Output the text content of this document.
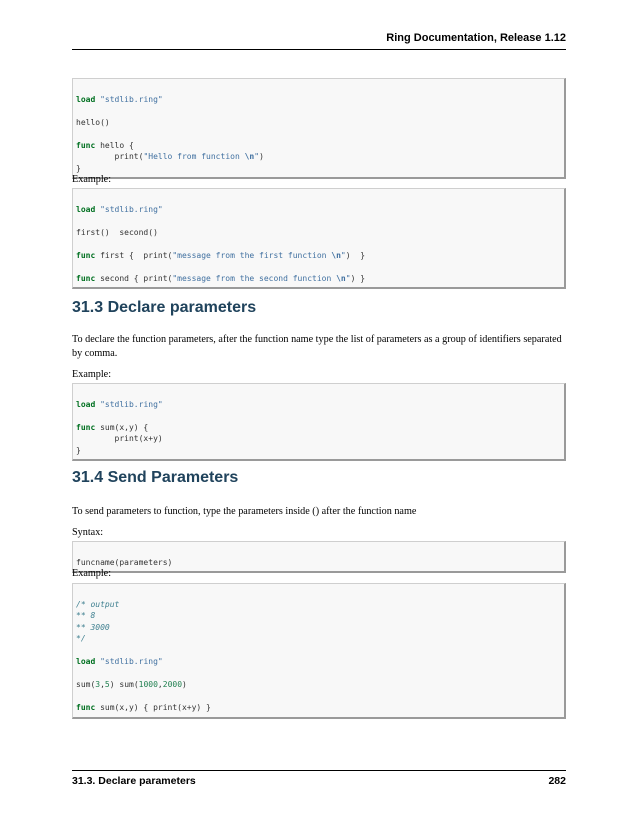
Ring Documentation, Release 1.12

load "stdlib.ring"
hello()
func hello {
print("Hello from function \n")
}
Example:

load "stdlib.ring"
first()  second()
func first {  print("message from the first function \n")  }
func second { print("message from the second function \n") }
31.3 Declare parameters
To declare the function parameters, after the function name type the list of parameters as a group of identifiers separated by comma.
Example:

load "stdlib.ring"
func sum(x,y) {
print(x+y)
}
31.4 Send Parameters
To send parameters to function, type the parameters inside () after the function name
Syntax:

funcname(parameters)
Example:

/* output
** 8
** 3000
*/
load "stdlib.ring"
sum(3,5) sum(1000,2000)
func sum(x,y) { print(x+y) }
31.3. Declare parameters	282
